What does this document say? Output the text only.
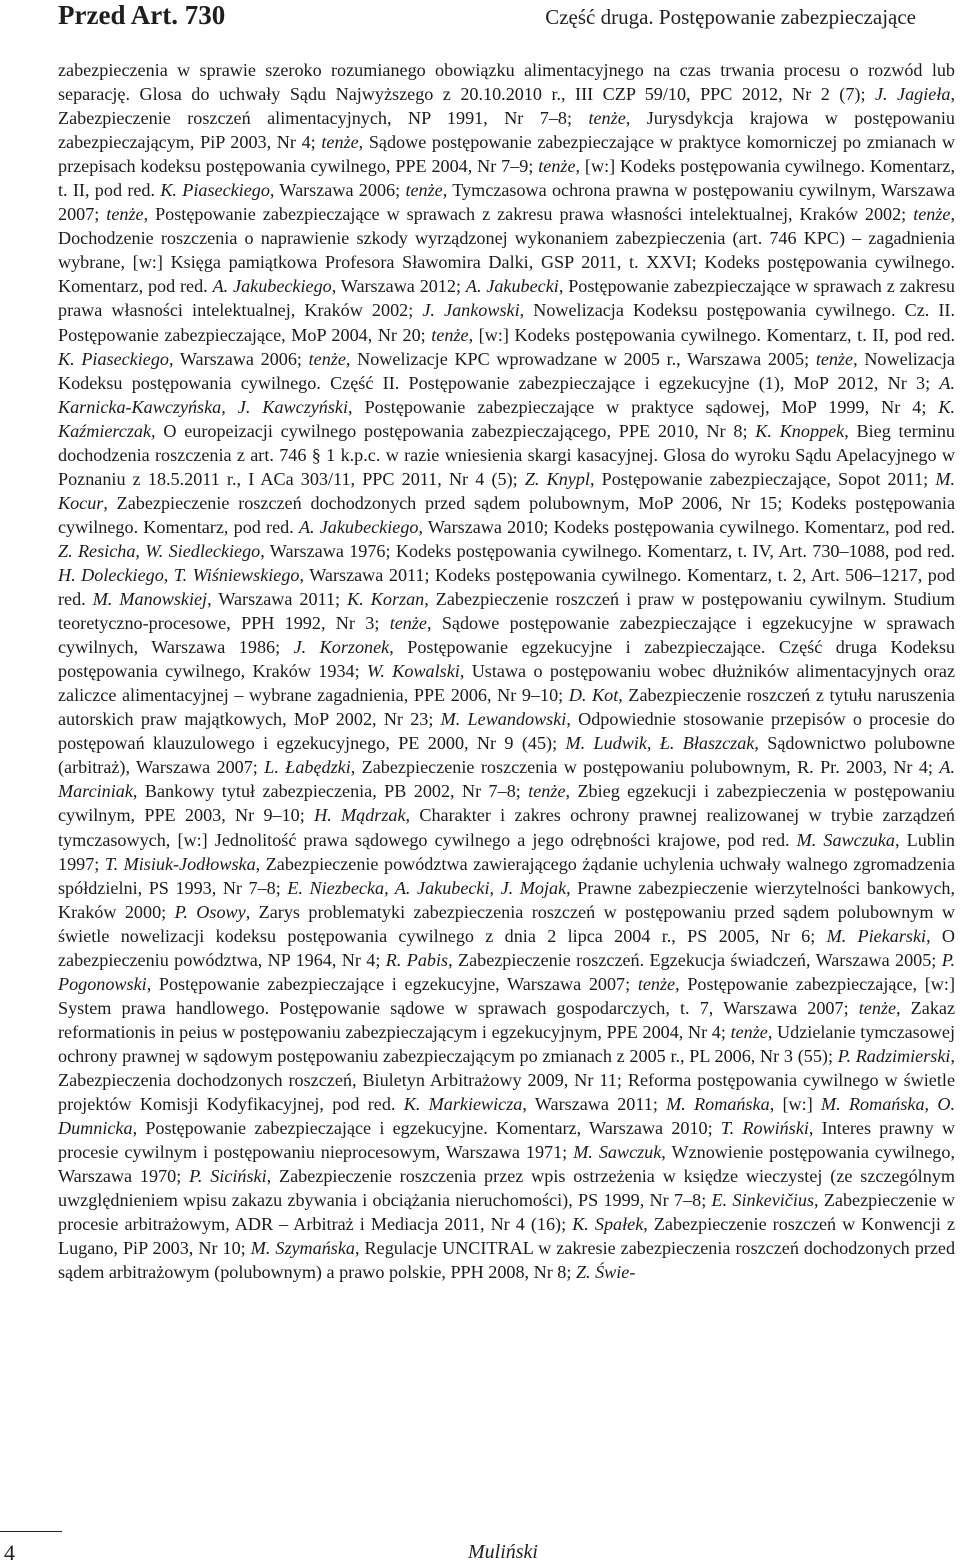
Przed Art. 730	Część druga. Postępowanie zabezpieczające

zabezpieczenia w sprawie szeroko rozumianego obowiązku alimentacyjnego na czas trwania procesu o rozwód lub separację. Glosa do uchwały Sądu Najwyższego z 20.10.2010 r., III CZP 59/10, PPC 2012, Nr 2 (7); J. Jagieła, Zabezpieczenie roszczeń alimentacyjnych, NP 1991, Nr 7–8; tenże, Jurysdykcja krajowa w postępowaniu zabezpieczającym, PiP 2003, Nr 4; tenże, Sądowe postępowanie zabezpieczające w praktyce komorniczej po zmianach w przepisach kodeksu postępowania cywilnego, PPE 2004, Nr 7–9; tenże, [w:] Kodeks postępowania cywilnego. Komentarz, t. II, pod red. K. Piaseckiego, Warszawa 2006; tenże, Tymczasowa ochrona prawna w postępowaniu cywilnym, Warszawa 2007; tenże, Postępowanie zabezpieczające w sprawach z zakresu prawa własności intelektualnej, Kraków 2002; tenże, Dochodzenie roszczenia o naprawienie szkody wyrządzonej wykonaniem zabezpieczenia (art. 746 KPC) – zagadnienia wybrane, [w:] Księga pamiątkowa Profesora Sławomira Dalki, GSP 2011, t. XXVI; Kodeks postępowania cywilnego. Komentarz, pod red. A. Jakubeckiego, Warszawa 2012; A. Jakubecki, Postępowanie zabezpieczające w sprawach z zakresu prawa własności intelektualnej, Kraków 2002; J. Jankowski, Nowelizacja Kodeksu postępowania cywilnego. Cz. II. Postępowanie zabezpieczające, MoP 2004, Nr 20; tenże, [w:] Kodeks postępowania cywilnego. Komentarz, t. II, pod red. K. Piaseckiego, Warszawa 2006; tenże, Nowelizacje KPC wprowadzane w 2005 r., Warszawa 2005; tenże, Nowelizacja Kodeksu postępowania cywilnego. Część II. Postępowanie zabezpieczające i egzekucyjne (1), MoP 2012, Nr 3; A. Karnicka-Kawczyńska, J. Kawczyński, Postępowanie zabezpieczające w praktyce sądowej, MoP 1999, Nr 4; K. Kaźmierczak, O europeizacji cywilnego postępowania zabezpieczającego, PPE 2010, Nr 8; K. Knoppek, Bieg terminu dochodzenia roszczenia z art. 746 § 1 k.p.c. w razie wniesienia skargi kasacyjnej. Glosa do wyroku Sądu Apelacyjnego w Poznaniu z 18.5.2011 r., I ACa 303/11, PPC 2011, Nr 4 (5); Z. Knypl, Postępowanie zabezpieczające, Sopot 2011; M. Kocur, Zabezpieczenie roszczeń dochodzonych przed sądem polubownym, MoP 2006, Nr 15; Kodeks postępowania cywilnego. Komentarz, pod red. A. Jakubeckiego, Warszawa 2010; Kodeks postępowania cywilnego. Komentarz, pod red. Z. Resicha, W. Siedleckiego, Warszawa 1976; Kodeks postępowania cywilnego. Komentarz, t. IV, Art. 730–1088, pod red. H. Doleckiego, T. Wiśniewskiego, Warszawa 2011; Kodeks postępowania cywilnego. Komentarz, t. 2, Art. 506–1217, pod red. M. Manowskiej, Warszawa 2011; K. Korzan, Zabezpieczenie roszczeń i praw w postępowaniu cywilnym. Studium teoretyczno-procesowe, PPH 1992, Nr 3; tenże, Sądowe postępowanie zabezpieczające i egzekucyjne w sprawach cywilnych, Warszawa 1986; J. Korzonek, Postępowanie egzekucyjne i zabezpieczające. Część druga Kodeksu postępowania cywilnego, Kraków 1934; W. Kowalski, Ustawa o postępowaniu wobec dłużników alimentacyjnych oraz zaliczce alimentacyjnej – wybrane zagadnienia, PPE 2006, Nr 9–10; D. Kot, Zabezpieczenie roszczeń z tytułu naruszenia autorskich praw majątkowych, MoP 2002, Nr 23; M. Lewandowski, Odpowiednie stosowanie przepisów o procesie do postępowań klauzulowego i egzekucyjnego, PE 2000, Nr 9 (45); M. Ludwik, Ł. Błaszczak, Sądownictwo polubowne (arbitraż), Warszawa 2007; L. Łabędzki, Zabezpieczenie roszczenia w postępowaniu polubownym, R. Pr. 2003, Nr 4; A. Marciniak, Bankowy tytuł zabezpieczenia, PB 2002, Nr 7–8; tenże, Zbieg egzekucji i zabezpieczenia w postępowaniu cywilnym, PPE 2003, Nr 9–10; H. Mądrzak, Charakter i zakres ochrony prawnej realizowanej w trybie zarządzeń tymczasowych, [w:] Jednolitość prawa sądowego cywilnego a jego odrębności krajowe, pod red. M. Sawczuka, Lublin 1997; T. Misiuk-Jodłowska, Zabezpieczenie powództwa zawierającego żądanie uchylenia uchwały walnego zgromadzenia spółdzielni, PS 1993, Nr 7–8; E. Niezbecka, A. Jakubecki, J. Mojak, Prawne zabezpieczenie wierzytelności bankowych, Kraków 2000; P. Osowy, Zarys problematyki zabezpieczenia roszczeń w postępowaniu przed sądem polubownym w świetle nowelizacji kodeksu postępowania cywilnego z dnia 2 lipca 2004 r., PS 2005, Nr 6; M. Piekarski, O zabezpieczeniu powództwa, NP 1964, Nr 4; R. Pabis, Zabezpieczenie roszczeń. Egzekucja świadczeń, Warszawa 2005; P. Pogonowski, Postępowanie zabezpieczające i egzekucyjne, Warszawa 2007; tenże, Postępowanie zabezpieczające, [w:] System prawa handlowego. Postępowanie sądowe w sprawach gospodarczych, t. 7, Warszawa 2007; tenże, Zakaz reformationis in peius w postępowaniu zabezpieczającym i egzekucyjnym, PPE 2004, Nr 4; tenże, Udzielanie tymczasowej ochrony prawnej w sądowym postępowaniu zabezpieczającym po zmianach z 2005 r., PL 2006, Nr 3 (55); P. Radzimierski, Zabezpieczenia dochodzonych roszczeń, Biuletyn Arbitrażowy 2009, Nr 11; Reforma postępowania cywilnego w świetle projektów Komisji Kodyfikacyjnej, pod red. K. Markiewicza, Warszawa 2011; M. Romańska, [w:] M. Romańska, O. Dumnicka, Postępowanie zabezpieczające i egzekucyjne. Komentarz, Warszawa 2010; T. Rowiński, Interes prawny w procesie cywilnym i postępowaniu nieprocesowym, Warszawa 1971; M. Sawczuk, Wznowienie postępowania cywilnego, Warszawa 1970; P. Siciński, Zabezpieczenie roszczenia przez wpis ostrzeżenia w księdze wieczystej (ze szczególnym uwzględnieniem wpisu zakazu zbywania i obciążania nieruchomości), PS 1999, Nr 7–8; E. Sinkevičius, Zabezpieczenie w procesie arbitrażowym, ADR – Arbitraż i Mediacja 2011, Nr 4 (16); K. Spałek, Zabezpieczenie roszczeń w Konwencji z Lugano, PiP 2003, Nr 10; M. Szymańska, Regulacje UNCITRAL w zakresie zabezpieczenia roszczeń dochodzonych przed sądem arbitrażowym (polubownym) a prawo polskie, PPH 2008, Nr 8; Z. Świe-

4	Muliński
